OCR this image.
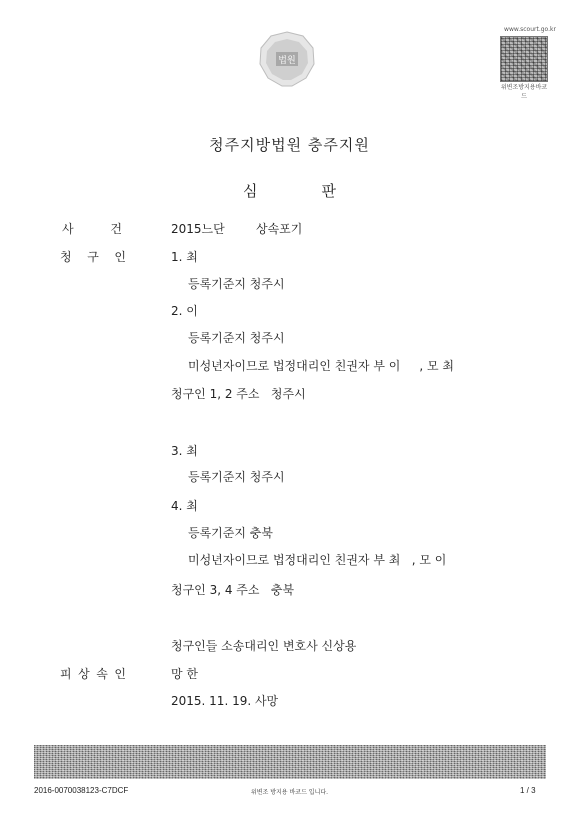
법원
www.scourt.go.kr
위변조방지용바코드
청주지방법원 충주지원
심	판
사	건	2015느단	상속포기
청 구 인	1. 최
등록기준지 청주시
2. 이
등록기준지 청주시
미성년자이므로 법정대리인 친권자 부 이     , 모 최
청구인 1, 2 주소   청주시
3. 최
등록기준지 청주시
4. 최
등록기준지 충북
미성년자이므로 법정대리인 친권자 부 최   , 모 이
청구인 3, 4 주소   충북
청구인들 소송대리인 변호사 신상용
피 상 속 인	망 한
2015. 11. 19. 사망
2016-0070038123-C7DCF	위변조 방지용 바코드 입니다.	1 / 3
